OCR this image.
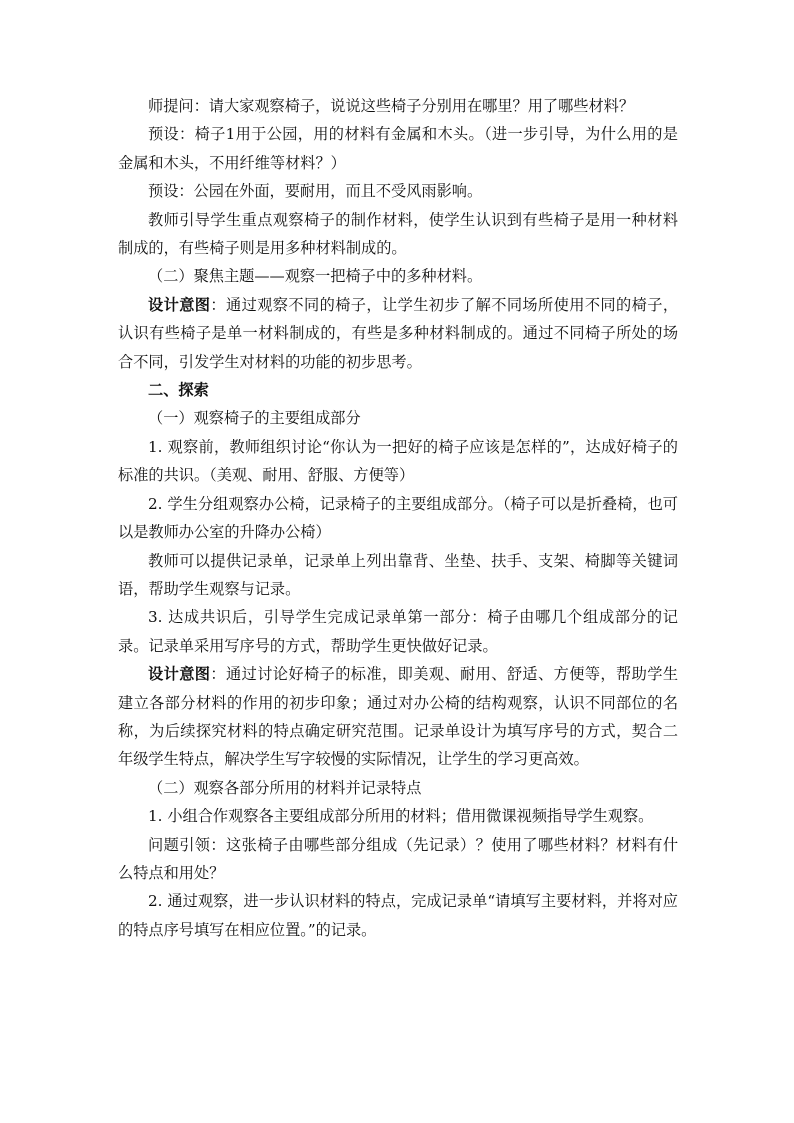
师提问：请大家观察椅子，说说这些椅子分别用在哪里？用了哪些材料？

预设：椅子1用于公园，用的材料有金属和木头。（进一步引导，为什么用的是金属和木头，不用纤维等材料？）

预设：公园在外面，要耐用，而且不受风雨影响。

教师引导学生重点观察椅子的制作材料，使学生认识到有些椅子是用一种材料制成的，有些椅子则是用多种材料制成的。

（二）聚焦主题——观察一把椅子中的多种材料。

设计意图：通过观察不同的椅子，让学生初步了解不同场所使用不同的椅子，认识有些椅子是单一材料制成的，有些是多种材料制成的。通过不同椅子所处的场合不同，引发学生对材料的功能的初步思考。

二、探索

（一）观察椅子的主要组成部分

1. 观察前，教师组织讨论“你认为一把好的椅子应该是怎样的”，达成好椅子的标准的共识。（美观、耐用、舒服、方便等）

2. 学生分组观察办公椅，记录椅子的主要组成部分。（椅子可以是折叠椅，也可以是教师办公室的升降办公椅）

教师可以提供记录单，记录单上列出靠背、坐垫、扶手、支架、椅脚等关键词语，帮助学生观察与记录。

3. 达成共识后，引导学生完成记录单第一部分：椅子由哪几个组成部分的记录。记录单采用写序号的方式，帮助学生更快做好记录。

设计意图：通过讨论好椅子的标准，即美观、耐用、舒适、方便等，帮助学生建立各部分材料的作用的初步印象；通过对办公椅的结构观察，认识不同部位的名称，为后续探究材料的特点确定研究范围。记录单设计为填写序号的方式，契合二年级学生特点，解决学生写字较慢的实际情况，让学生的学习更高效。

（二）观察各部分所用的材料并记录特点

1. 小组合作观察各主要组成部分所用的材料；借用微课视频指导学生观察。

问题引领：这张椅子由哪些部分组成（先记录）？使用了哪些材料？材料有什么特点和用处？

2. 通过观察，进一步认识材料的特点，完成记录单“请填写主要材料，并将对应的特点序号填写在相应位置。”的记录。
